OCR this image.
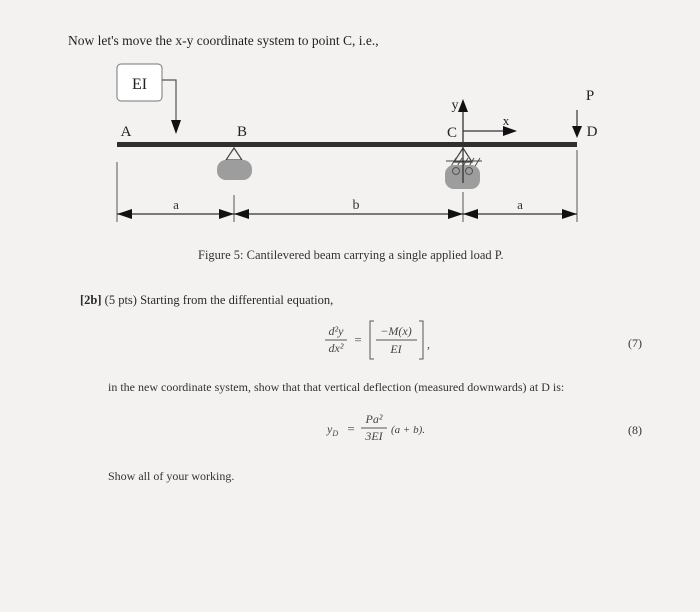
Now let's move the x-y coordinate system to point C, i.e.,
EI
A	B	C	D
y
x
P
a	b	a
Figure 5: Cantilevered beam carrying a single applied load P.
[2b] (5 pts) Starting from the differential equation,
d²y
dx²
=
−M(x)
EI ,	(7)
in the new coordinate system, show that that vertical deflection (measured downwards) at D is:
$y_D$ =
Pa²
3EI (a + b).	(8)
Show all of your working.
